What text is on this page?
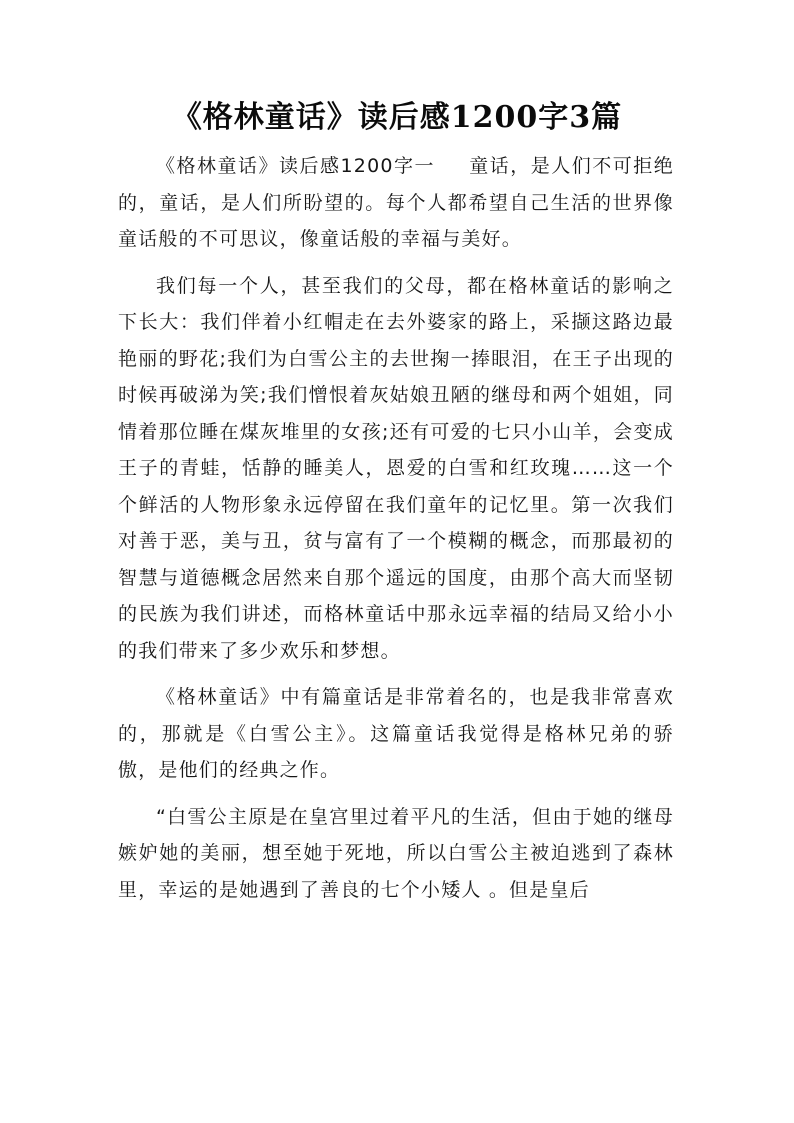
《格林童话》读后感1200字3篇

《格林童话》读后感1200字一 童话，是人们不可拒绝的，童话，是人们所盼望的。每个人都希望自己生活的世界像童话般的不可思议，像童话般的幸福与美好。

我们每一个人，甚至我们的父母，都在格林童话的影响之下长大：我们伴着小红帽走在去外婆家的路上，采撷这路边最艳丽的野花;我们为白雪公主的去世掬一捧眼泪，在王子出现的时候再破涕为笑;我们憎恨着灰姑娘丑陋的继母和两个姐姐，同情着那位睡在煤灰堆里的女孩;还有可爱的七只小山羊，会变成王子的青蛙，恬静的睡美人，恩爱的白雪和红玫瑰……这一个个鲜活的人物形象永远停留在我们童年的记忆里。第一次我们对善于恶，美与丑，贫与富有了一个模糊的概念，而那最初的智慧与道德概念居然来自那个遥远的国度，由那个高大而坚韧的民族为我们讲述，而格林童话中那永远幸福的结局又给小小的我们带来了多少欢乐和梦想。

《格林童话》中有篇童话是非常着名的，也是我非常喜欢的，那就是《白雪公主》。这篇童话我觉得是格林兄弟的骄傲，是他们的经典之作。

“白雪公主原是在皇宫里过着平凡的生活，但由于她的继母嫉妒她的美丽，想至她于死地，所以白雪公主被迫逃到了森林里，幸运的是她遇到了善良的七个小矮人 。但是皇后
